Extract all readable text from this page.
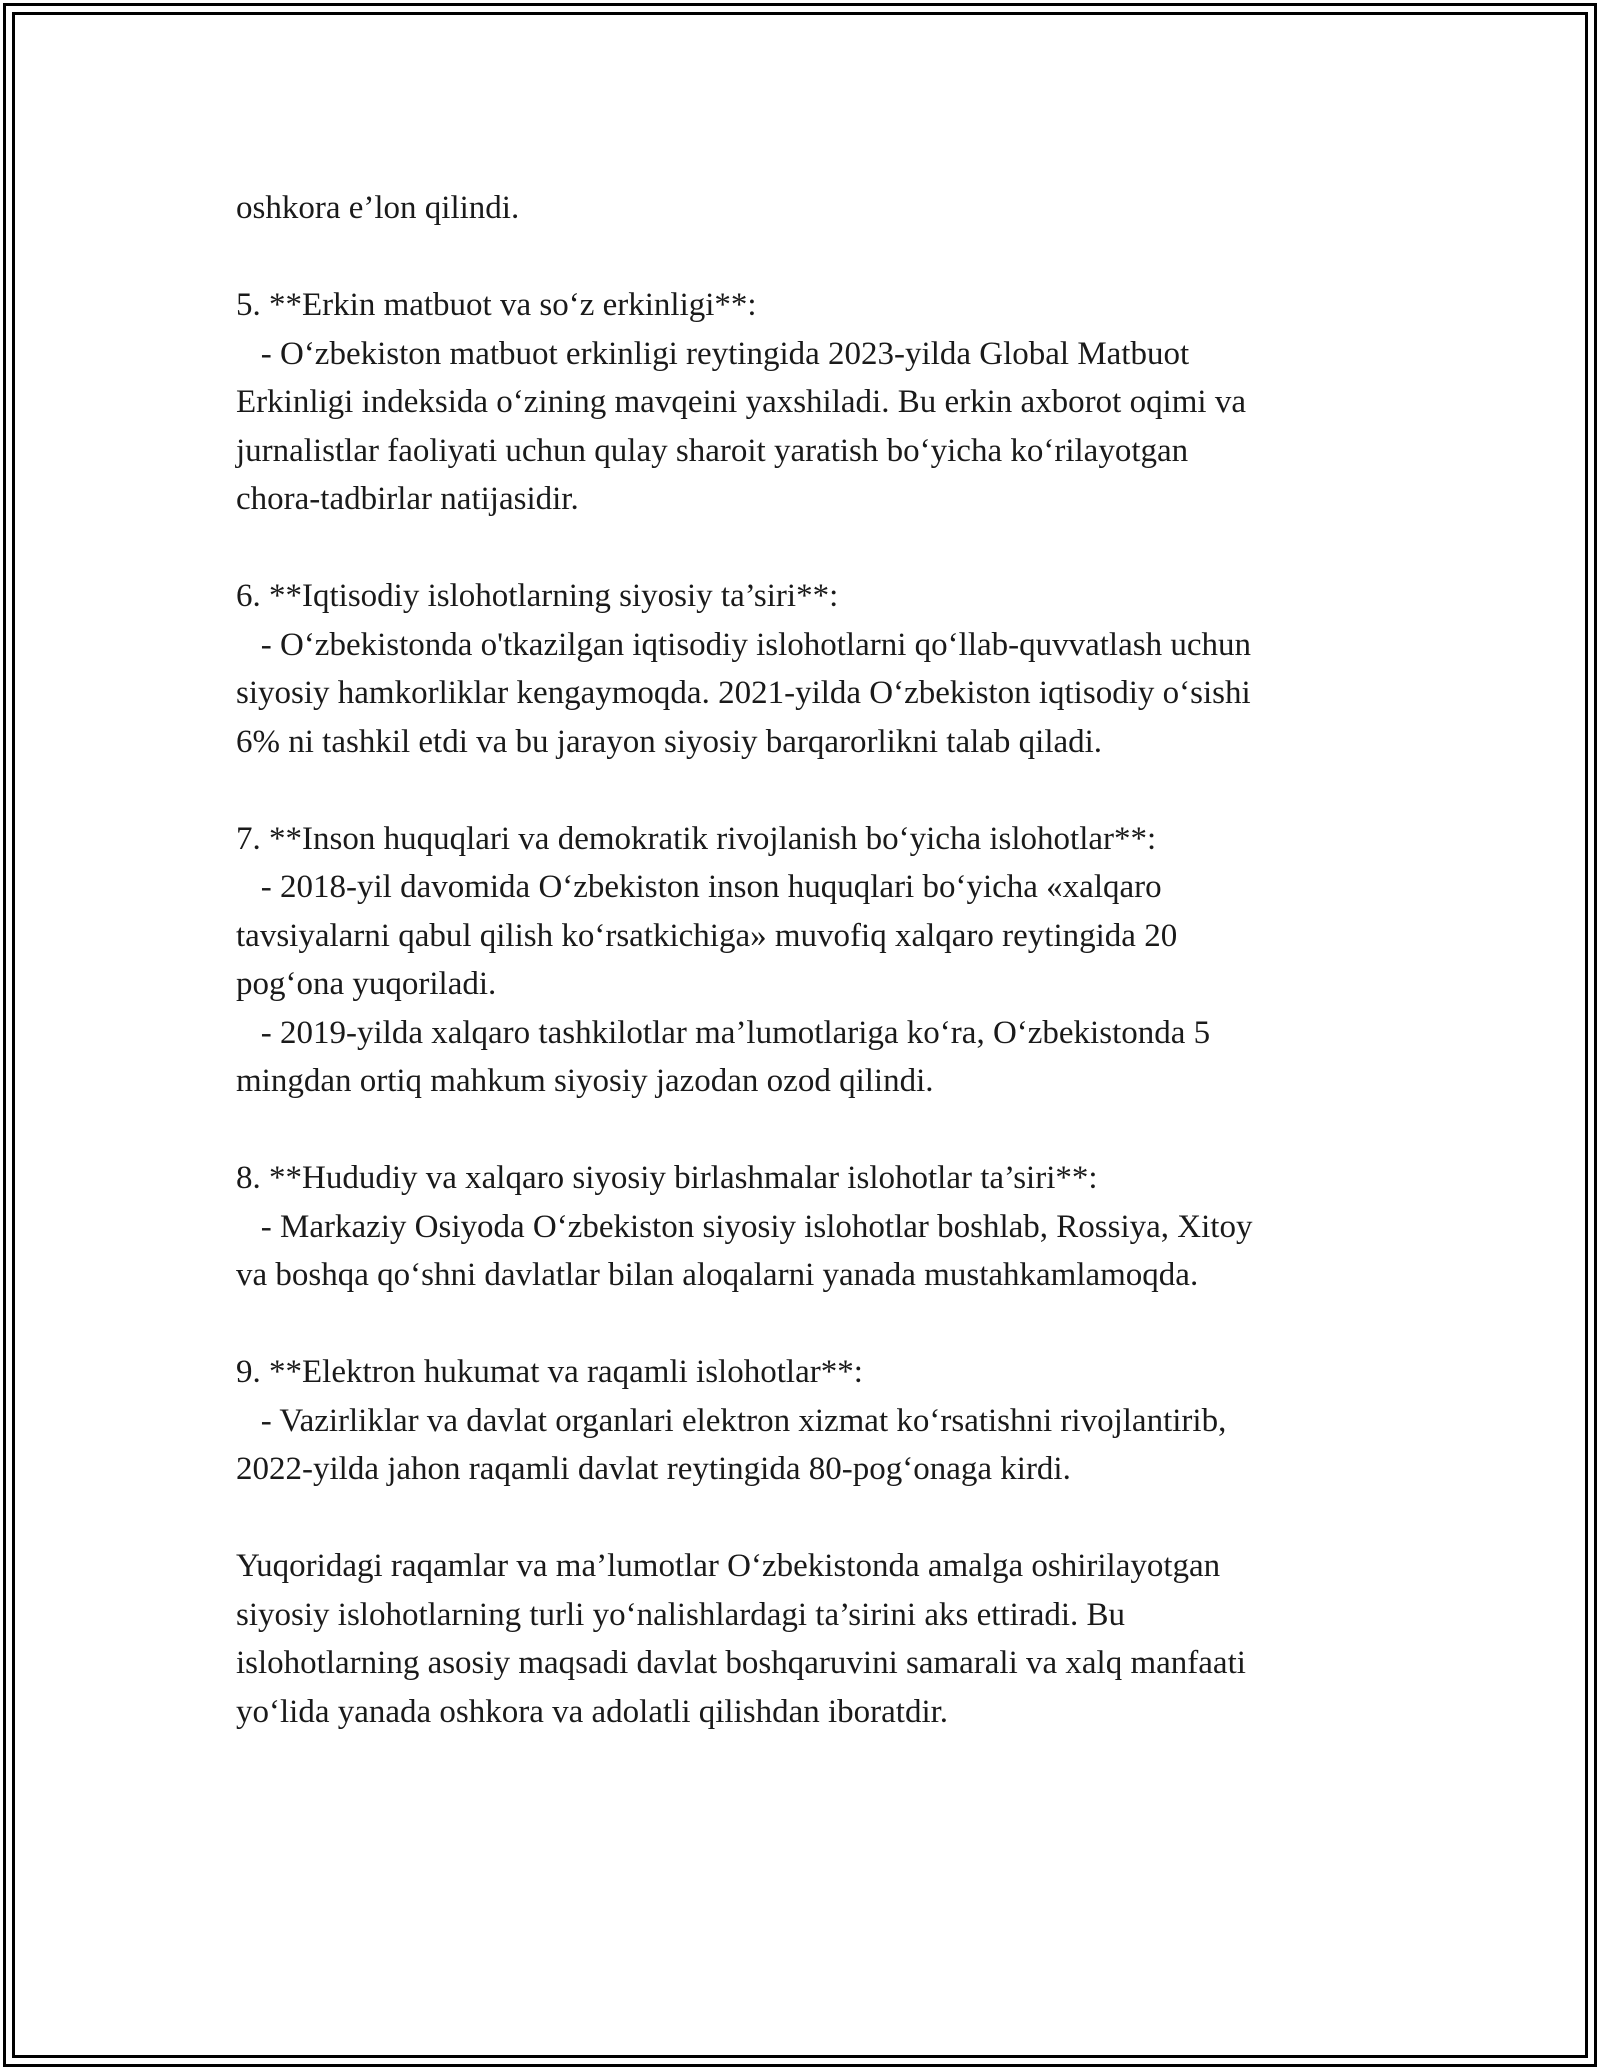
oshkora e’lon qilindi.
5. **Erkin matbuot va so‘z erkinligi**:
- O‘zbekiston matbuot erkinligi reytingida 2023-yilda Global Matbuot
Erkinligi indeksida o‘zining mavqeini yaxshiladi. Bu erkin axborot oqimi va
jurnalistlar faoliyati uchun qulay sharoit yaratish bo‘yicha ko‘rilayotgan
chora-tadbirlar natijasidir.
6. **Iqtisodiy islohotlarning siyosiy ta’siri**:
- O‘zbekistonda o'tkazilgan iqtisodiy islohotlarni qo‘llab-quvvatlash uchun
siyosiy hamkorliklar kengaymoqda. 2021-yilda O‘zbekiston iqtisodiy o‘sishi
6% ni tashkil etdi va bu jarayon siyosiy barqarorlikni talab qiladi.
7. **Inson huquqlari va demokratik rivojlanish bo‘yicha islohotlar**:
- 2018-yil davomida O‘zbekiston inson huquqlari bo‘yicha «xalqaro
tavsiyalarni qabul qilish ko‘rsatkichiga» muvofiq xalqaro reytingida 20
pog‘ona yuqoriladi.
- 2019-yilda xalqaro tashkilotlar ma’lumotlariga ko‘ra, O‘zbekistonda 5
mingdan ortiq mahkum siyosiy jazodan ozod qilindi.
8. **Hududiy va xalqaro siyosiy birlashmalar islohotlar ta’siri**:
- Markaziy Osiyoda O‘zbekiston siyosiy islohotlar boshlab, Rossiya, Xitoy
va boshqa qo‘shni davlatlar bilan aloqalarni yanada mustahkamlamoqda.
9. **Elektron hukumat va raqamli islohotlar**:
- Vazirliklar va davlat organlari elektron xizmat ko‘rsatishni rivojlantirib,
2022-yilda jahon raqamli davlat reytingida 80-pog‘onaga kirdi.
Yuqoridagi raqamlar va ma’lumotlar O‘zbekistonda amalga oshirilayotgan
siyosiy islohotlarning turli yo‘nalishlardagi ta’sirini aks ettiradi. Bu
islohotlarning asosiy maqsadi davlat boshqaruvini samarali va xalq manfaati
yo‘lida yanada oshkora va adolatli qilishdan iboratdir.
